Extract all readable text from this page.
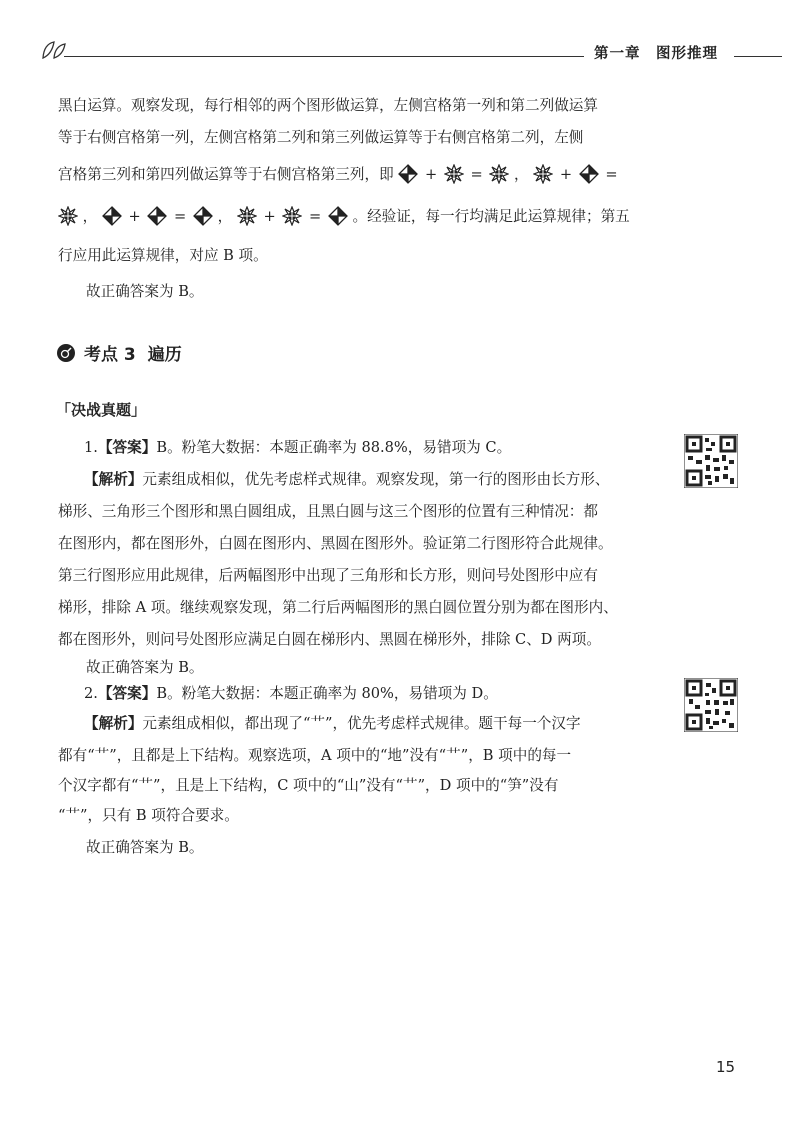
第一章　图形推理
黑白运算。观察发现，每行相邻的两个图形做运算，左侧宫格第一列和第二列做运算
等于右侧宫格第一列，左侧宫格第二列和第三列做运算等于右侧宫格第二列，左侧
宫格第三列和第四列做运算等于右侧宫格第三列，即 + = ， + =
， + = ， + = 。经验证，每一行均满足此运算规律；第五
行应用此运算规律，对应 B 项。
故正确答案为 B。
考点 3 遍历
「决战真题」
1.【答案】B。粉笔大数据：本题正确率为 88.8%，易错项为 C。
【解析】元素组成相似，优先考虑样式规律。观察发现，第一行的图形由长方形、
梯形、三角形三个图形和黑白圆组成，且黑白圆与这三个图形的位置有三种情况：都
在图形内，都在图形外，白圆在图形内、黑圆在图形外。验证第二行图形符合此规律。
第三行图形应用此规律，后两幅图形中出现了三角形和长方形，则问号处图形中应有
梯形，排除 A 项。继续观察发现，第二行后两幅图形的黑白圆位置分别为都在图形内、
都在图形外，则问号处图形应满足白圆在梯形内、黑圆在梯形外，排除 C、D 两项。
故正确答案为 B。
2.【答案】B。粉笔大数据：本题正确率为 80%，易错项为 D。
【解析】元素组成相似，都出现了“艹”，优先考虑样式规律。题干每一个汉字
都有“艹”，且都是上下结构。观察选项，A 项中的“地”没有“艹”，B 项中的每一
个汉字都有“艹”，且是上下结构，C 项中的“山”没有“艹”，D 项中的“笋”没有
“艹”，只有 B 项符合要求。
故正确答案为 B。
15
